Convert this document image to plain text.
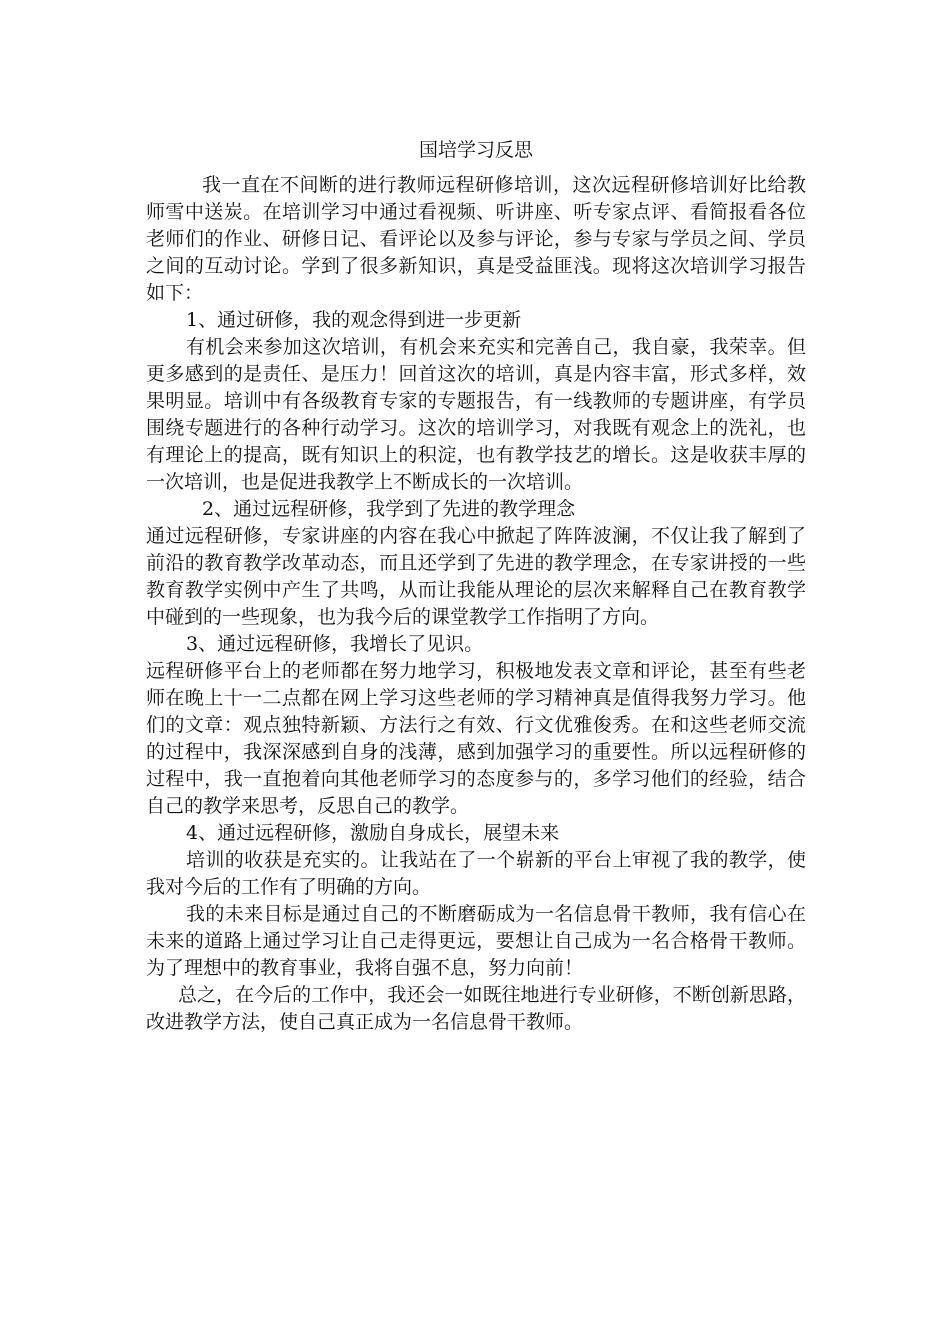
国培学习反思

我一直在不间断的进行教师远程研修培训，这次远程研修培训好比给教师雪中送炭。在培训学习中通过看视频、听讲座、听专家点评、看简报看各位老师们的作业、研修日记、看评论以及参与评论，参与专家与学员之间、学员之间的互动讨论。学到了很多新知识，真是受益匪浅。现将这次培训学习报告如下：

1、通过研修，我的观念得到进一步更新

有机会来参加这次培训，有机会来充实和完善自己，我自豪，我荣幸。但更多感到的是责任、是压力！回首这次的培训，真是内容丰富，形式多样，效果明显。培训中有各级教育专家的专题报告，有一线教师的专题讲座，有学员围绕专题进行的各种行动学习。这次的培训学习，对我既有观念上的洗礼，也有理论上的提高，既有知识上的积淀，也有教学技艺的增长。这是收获丰厚的一次培训，也是促进我教学上不断成长的一次培训。

2、通过远程研修，我学到了先进的教学理念

通过远程研修，专家讲座的内容在我心中掀起了阵阵波澜，不仅让我了解到了前沿的教育教学改革动态，而且还学到了先进的教学理念，在专家讲授的一些教育教学实例中产生了共鸣，从而让我能从理论的层次来解释自己在教育教学中碰到的一些现象，也为我今后的课堂教学工作指明了方向。

3、通过远程研修，我增长了见识。

远程研修平台上的老师都在努力地学习，积极地发表文章和评论，甚至有些老师在晚上十一二点都在网上学习这些老师的学习精神真是值得我努力学习。他们的文章：观点独特新颖、方法行之有效、行文优雅俊秀。在和这些老师交流的过程中，我深深感到自身的浅薄，感到加强学习的重要性。所以远程研修的过程中，我一直抱着向其他老师学习的态度参与的，多学习他们的经验，结合自己的教学来思考，反思自己的教学。

4、通过远程研修，激励自身成长，展望未来

培训的收获是充实的。让我站在了一个崭新的平台上审视了我的教学，使我对今后的工作有了明确的方向。

我的未来目标是通过自己的不断磨砺成为一名信息骨干教师，我有信心在未来的道路上通过学习让自己走得更远，要想让自己成为一名合格骨干教师。为了理想中的教育事业，我将自强不息，努力向前！

总之，在今后的工作中，我还会一如既往地进行专业研修，不断创新思路，改进教学方法，使自己真正成为一名信息骨干教师。
